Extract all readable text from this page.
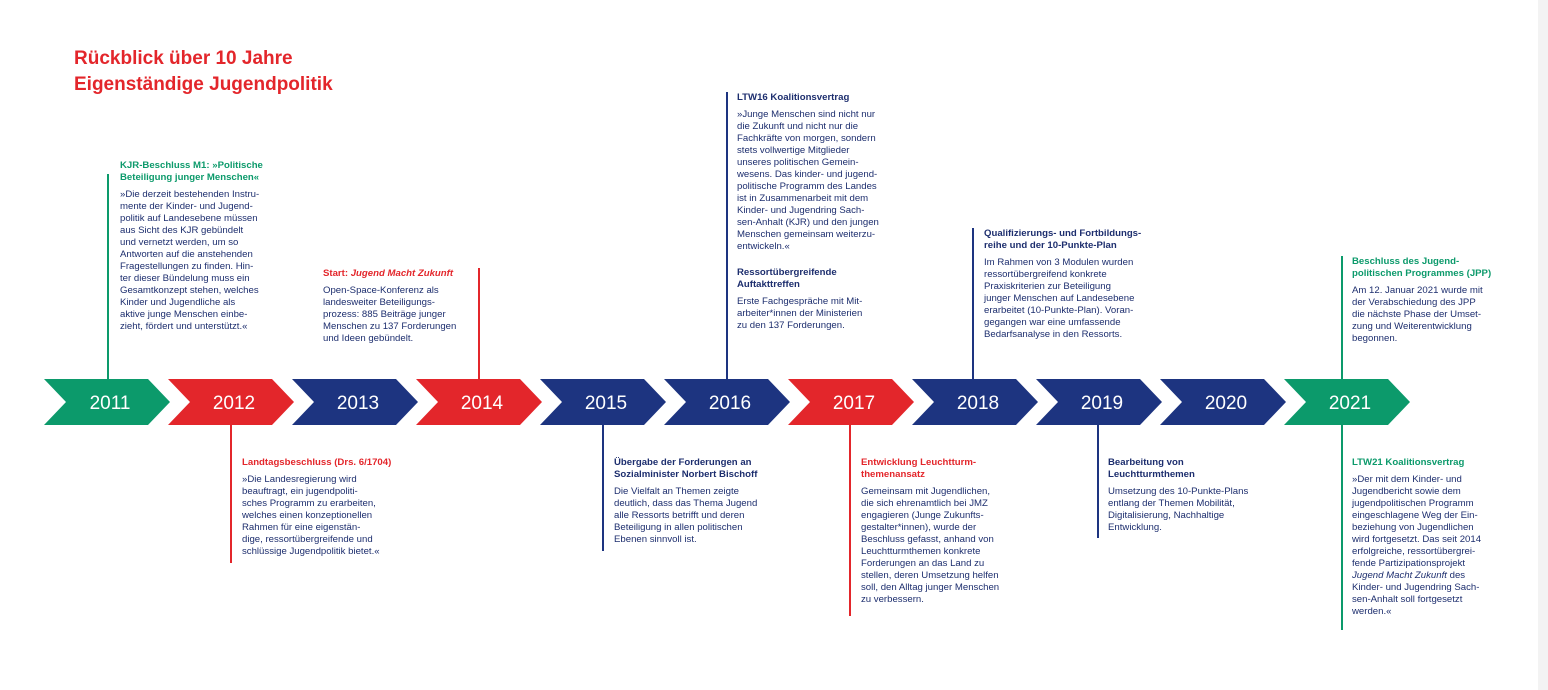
Rückblick über 10 Jahre
Eigenständige Jugendpolitik
2011	2012	2013	2014	2015	2016	2017	2018	2019	2020	2021
KJR-Beschluss M1: »Politische
Beteiligung junger Menschen«
»Die derzeit bestehenden Instru-
mente der Kinder- und Jugend-
politik auf Landesebene müssen
aus Sicht des KJR gebündelt
und vernetzt werden, um so
Antworten auf die anstehenden
Fragestellungen zu finden. Hin-
ter dieser Bündelung muss ein
Gesamtkonzept stehen, welches
Kinder und Jugendliche als
aktive junge Menschen einbe-
zieht, fördert und unterstützt.«
Start: Jugend Macht Zukunft
Open-Space-Konferenz als
landesweiter Beteiligungs-
prozess: 885 Beiträge junger
Menschen zu 137 Forderungen
und Ideen gebündelt.
LTW16 Koalitionsvertrag
»Junge Menschen sind nicht nur
die Zukunft und nicht nur die
Fachkräfte von morgen, sondern
stets vollwertige Mitglieder
unseres politischen Gemein-
wesens. Das kinder- und jugend-
politische Programm des Landes
ist in Zusammenarbeit mit dem
Kinder- und Jugendring Sach-
sen-Anhalt (KJR) und den jungen
Menschen gemeinsam weiterzu-
entwickeln.«
Ressortübergreifende
Auftakttreffen
Erste Fachgespräche mit Mit-
arbeiter*innen der Ministerien
zu den 137 Forderungen.
Qualifizierungs- und Fortbildungs-
reihe und der 10-Punkte-Plan
Im Rahmen von 3 Modulen wurden
ressortübergreifend konkrete
Praxiskriterien zur Beteiligung
junger Menschen auf Landesebene
erarbeitet (10-Punkte-Plan). Voran-
gegangen war eine umfassende
Bedarfsanalyse in den Ressorts.
Beschluss des Jugend-
politischen Programmes (JPP)
Am 12. Januar 2021 wurde mit
der Verabschiedung des JPP
die nächste Phase der Umset-
zung und Weiterentwicklung
begonnen.
Landtagsbeschluss (Drs. 6/1704)
»Die Landesregierung wird
beauftragt, ein jugendpoliti-
sches Programm zu erarbeiten,
welches einen konzeptionellen
Rahmen für eine eigenstän-
dige, ressortübergreifende und
schlüssige Jugendpolitik bietet.«
Übergabe der Forderungen an
Sozialminister Norbert Bischoff
Die Vielfalt an Themen zeigte
deutlich, dass das Thema Jugend
alle Ressorts betrifft und deren
Beteiligung in allen politischen
Ebenen sinnvoll ist.
Entwicklung Leuchtturm-
themenansatz
Gemeinsam mit Jugendlichen,
die sich ehrenamtlich bei JMZ
engagieren (Junge Zukunfts-
gestalter*innen), wurde der
Beschluss gefasst, anhand von
Leuchtturmthemen konkrete
Forderungen an das Land zu
stellen, deren Umsetzung helfen
soll, den Alltag junger Menschen
zu verbessern.
Bearbeitung von
Leuchtturmthemen
Umsetzung des 10-Punkte-Plans
entlang der Themen Mobilität,
Digitalisierung, Nachhaltige
Entwicklung.
LTW21 Koalitionsvertrag
»Der mit dem Kinder- und
Jugendbericht sowie dem
jugendpolitischen Programm
eingeschlagene Weg der Ein-
beziehung von Jugendlichen
wird fortgesetzt. Das seit 2014
erfolgreiche, ressortübergrei-
fende Partizipationsprojekt
Jugend Macht Zukunft des
Kinder- und Jugendring Sach-
sen-Anhalt soll fortgesetzt
werden.«
